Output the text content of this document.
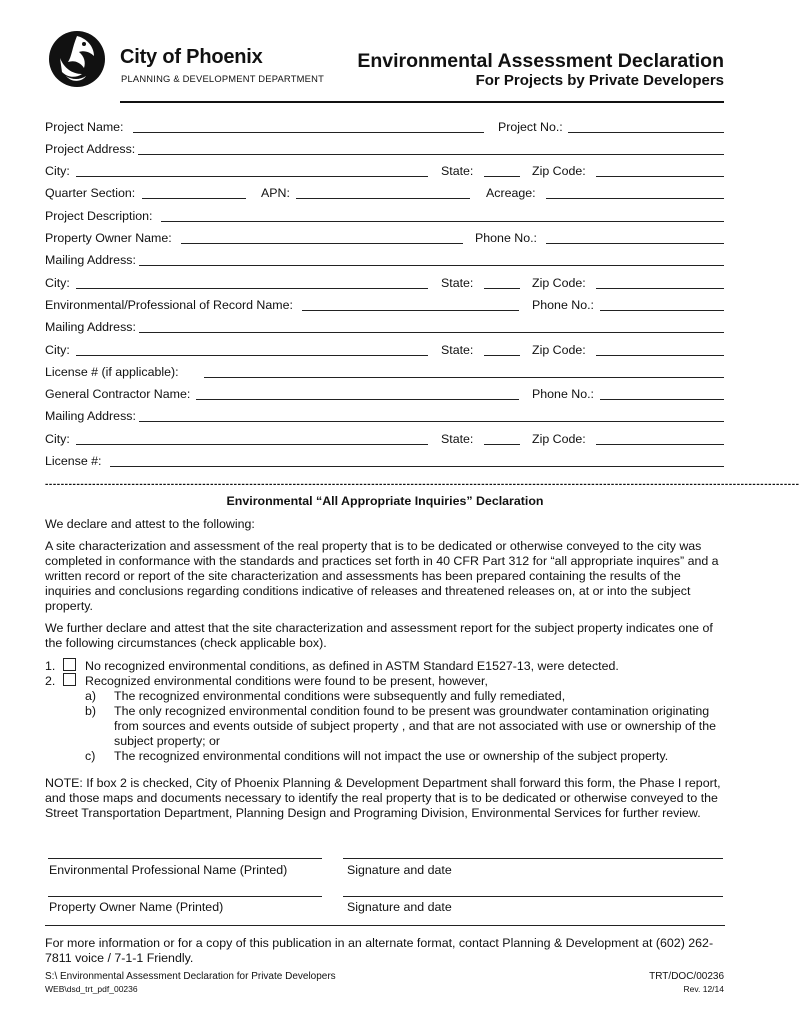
City of Phoenix
PLANNING & DEVELOPMENT DEPARTMENT
Environmental Assessment Declaration
For Projects by Private Developers
Project Name:	Project No.:
Project Address:
City:	State:	Zip Code:
Quarter Section:	APN:	Acreage:
Project Description:
Property Owner Name:	Phone No.:
Mailing Address:
City:	State:	Zip Code:
Environmental/Professional of Record Name:	Phone No.:
Mailing Address:
City:	State:	Zip Code:
License # (if applicable):
General Contractor Name:	Phone No.:
Mailing Address:
City:	State:	Zip Code:
License #:
------------------------------------------------------------------------------------------------------------------------------------------------------------------------------------------------
Environmental “All Appropriate Inquiries” Declaration
We declare and attest to the following:
A site characterization and assessment of the real property that is to be dedicated or otherwise conveyed to the city was completed in conformance with the standards and practices set forth in 40 CFR Part 312 for “all appropriate inquires” and a written record or report of the site characterization and assessments has been prepared containing the results of the inquiries and conclusions regarding conditions indicative of releases and threatened releases on, at or into the subject property.
We further declare and attest that the site characterization and assessment report for the subject property indicates one of the following circumstances (check applicable box).
1. No recognized environmental conditions, as defined in ASTM Standard E1527-13, were detected.
2. Recognized environmental conditions were found to be present, however,
a) The recognized environmental conditions were subsequently and fully remediated,
b) The only recognized environmental condition found to be present was groundwater contamination originating from sources and events outside of subject property , and that are not associated with use or ownership of the subject property; or
c) The recognized environmental conditions will not impact the use or ownership of the subject property.
NOTE: If box 2 is checked, City of Phoenix Planning & Development Department shall forward this form, the Phase I report, and those maps and documents necessary to identify the real property that is to be dedicated or otherwise conveyed to the Street Transportation Department, Planning Design and Programing Division, Environmental Services for further review.
Environmental Professional Name (Printed)	Signature and date
Property Owner Name (Printed)	Signature and date
For more information or for a copy of this publication in an alternate format, contact Planning & Development at (602) 262-7811 voice / 7-1-1 Friendly.
S:\ Environmental Assessment Declaration for Private Developers
WEB\dsd_trt_pdf_00236
TRT/DOC/00236
Rev. 12/14
